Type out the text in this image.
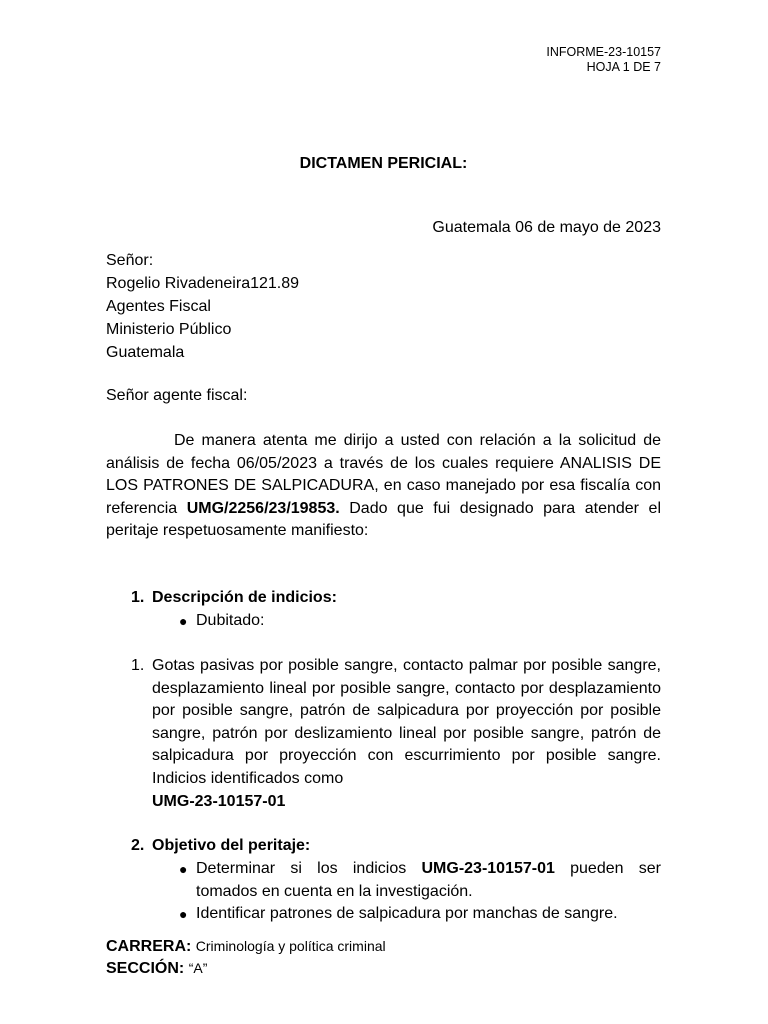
INFORME-23-10157
HOJA 1 DE 7
DICTAMEN PERICIAL:
Guatemala 06 de mayo de 2023
Señor:
Rogelio Rivadeneira121.89
Agentes Fiscal
Ministerio Público
Guatemala
Señor agente fiscal:
De manera atenta me dirijo a usted con relación a la solicitud de análisis de fecha 06/05/2023 a través de los cuales requiere ANALISIS DE LOS PATRONES DE SALPICADURA, en caso manejado por esa fiscalía con referencia UMG/2256/23/19853. Dado que fui designado para atender el peritaje respetuosamente manifiesto:
1. Descripción de indicios:
● Dubitado:
1. Gotas pasivas por posible sangre, contacto palmar por posible sangre, desplazamiento lineal por posible sangre, contacto por desplazamiento por posible sangre, patrón de salpicadura por proyección por posible sangre, patrón por deslizamiento lineal por posible sangre, patrón de salpicadura por proyección con escurrimiento por posible sangre. Indicios identificados como
UMG-23-10157-01
2. Objetivo del peritaje:
● Determinar si los indicios UMG-23-10157-01 pueden ser tomados en cuenta en la investigación.
● Identificar patrones de salpicadura por manchas de sangre.
CARRERA: Criminología y política criminal
SECCIÓN: “A”
